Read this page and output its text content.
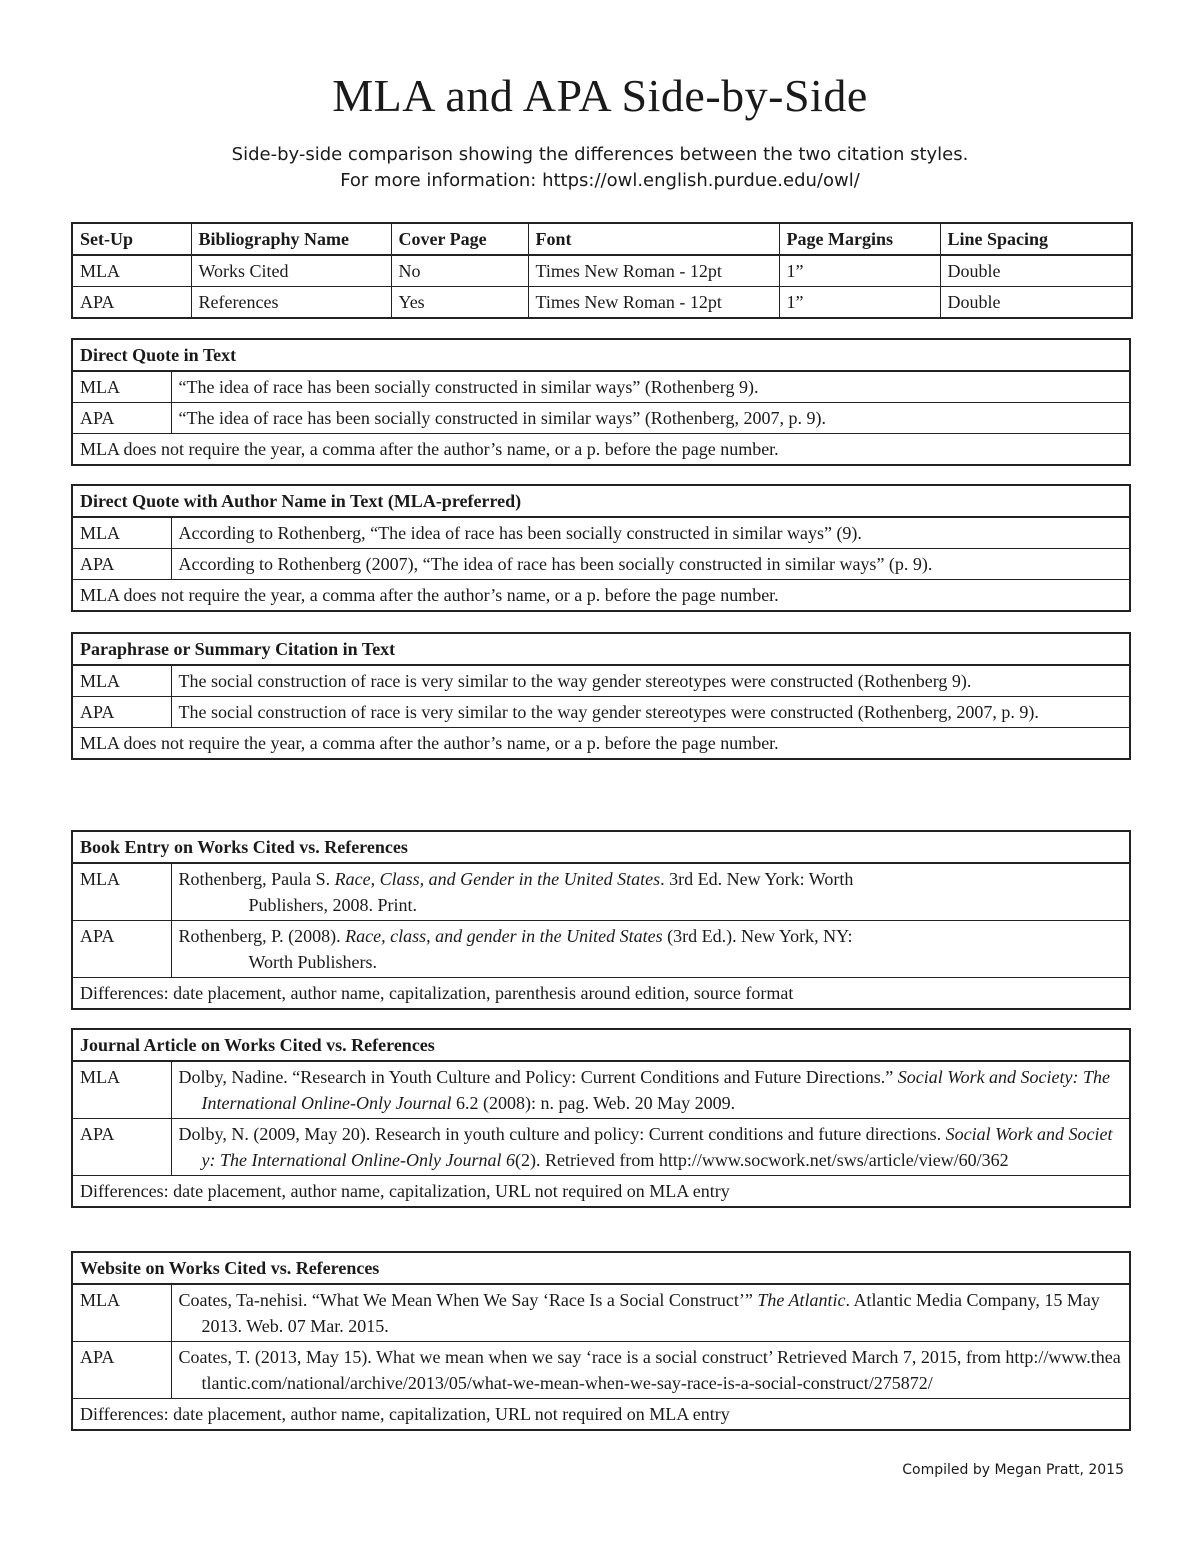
MLA and APA Side-by-Side
Side-by-side comparison showing the differences between the two citation styles.
For more information: https://owl.english.purdue.edu/owl/
Set-Up	Bibliography Name	Cover Page	Font	Page Margins	Line Spacing
MLA	Works Cited	No	Times New Roman - 12pt	1”	Double
APA	References	Yes	Times New Roman - 12pt	1”	Double
Direct Quote in Text	
MLA	“The idea of race has been socially constructed in similar ways” (Rothenberg 9).
APA	“The idea of race has been socially constructed in similar ways” (Rothenberg, 2007, p. 9).
MLA does not require the year, a comma after the author’s name, or a p. before the page number.	
Direct Quote with Author Name in Text (MLA-preferred)	
MLA	According to Rothenberg, “The idea of race has been socially constructed in similar ways” (9).
APA	According to Rothenberg (2007), “The idea of race has been socially constructed in similar ways” (p. 9).
MLA does not require the year, a comma after the author’s name, or a p. before the page number.	
Paraphrase or Summary Citation in Text	
MLA	The social construction of race is very similar to the way gender stereotypes were constructed (Rothenberg 9).
APA	The social construction of race is very similar to the way gender stereotypes were constructed (Rothenberg, 2007, p. 9).
MLA does not require the year, a comma after the author’s name, or a p. before the page number.	
Book Entry on Works Cited vs. References	
MLA	Rothenberg, Paula S. Race, Class, and Gender in the United States. 3rd Ed. New York: Worth
Publishers, 2008. Print.

APA	Rothenberg, P. (2008). Race, class, and gender in the United States (3rd Ed.). New York, NY:
Worth Publishers.

Differences: date placement, author name, capitalization, parenthesis around edition, source format	
Journal Article on Works Cited vs. References	
MLA	Dolby, Nadine. “Research in Youth Culture and Policy: Current Conditions and Future Directions.” Social Work and Society: The International Online-Only Journal 6.2 (2008): n. pag. Web. 20 May 2009.

APA	Dolby, N. (2009, May 20). Research in youth culture and policy: Current conditions and future directions. Social Work and Society: The International Online-Only Journal 6(2). Retrieved from http://www.socwork.net/sws/article/view/60/362

Differences: date placement, author name, capitalization, URL not required on MLA entry	
Website on Works Cited vs. References	
MLA	Coates, Ta-nehisi. “What We Mean When We Say ‘Race Is a Social Construct’” The Atlantic. Atlantic Media Company, 15 May 2013. Web. 07 Mar. 2015.

APA	Coates, T. (2013, May 15). What we mean when we say ‘race is a social construct’ Retrieved March 7, 2015, from http://www.theatlantic.com/national/archive/2013/05/what-we-mean-when-we-say-race-is-a-social-construct/275872/

Differences: date placement, author name, capitalization, URL not required on MLA entry	
Compiled by Megan Pratt, 2015
